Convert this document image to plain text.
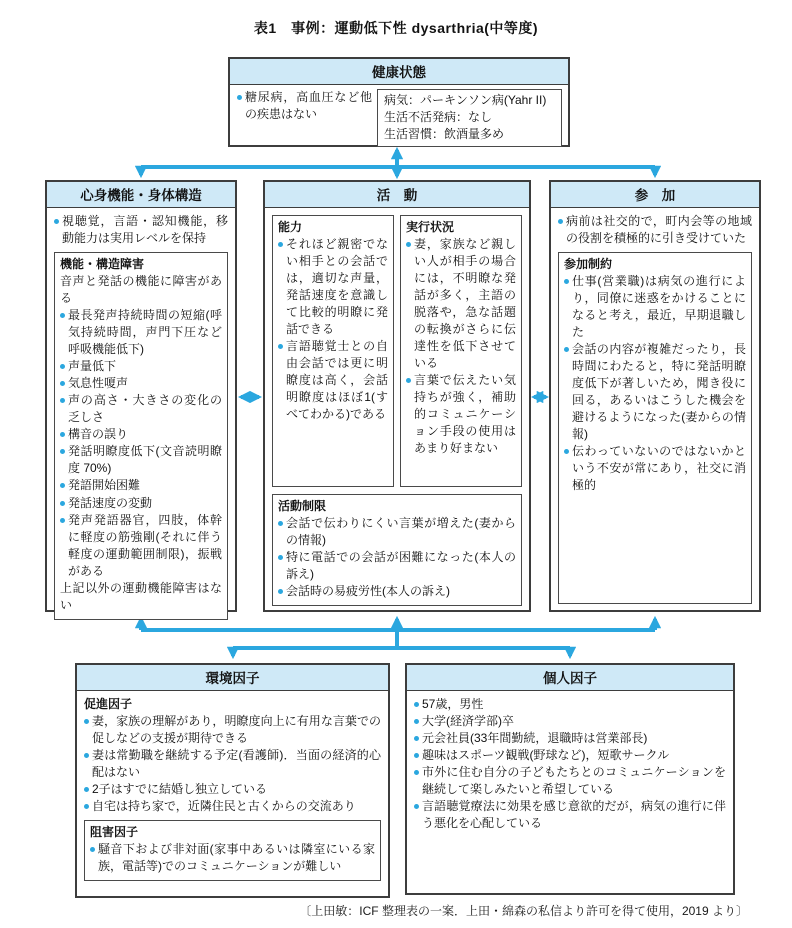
表1　事例：運動低下性 dysarthria(中等度)
健康状態
糖尿病，高血圧など他の疾患はない
病気：パーキンソン病(Yahr II)
生活不活発病：なし
生活習慣：飲酒量多め
心身機能・身体構造
視聴覚，言語・認知機能，移動能力は実用レベルを保持
機能・構造障害

音声と発話の機能に障害がある

最長発声持続時間の短縮(呼気持続時間，声門下圧など呼吸機能低下)
声量低下
気息性嗄声
声の高さ・大きさの変化の乏しさ
構音の誤り
発話明瞭度低下(文音読明瞭度 70%)
発語開始困難
発話速度の変動
発声発語器官，四肢，体幹に軽度の筋強剛(それに伴う軽度の運動範囲制限)，振戦がある

上記以外の運動機能障害はない

活　動
能力
それほど親密でない相手との会話では，適切な声量，発話速度を意識して比較的明瞭に発話できる
言語聴覚士との自由会話では更に明瞭度は高く，会話明瞭度はほぼ1(すべてわかる)である
実行状況
妻，家族など親しい人が相手の場合には，不明瞭な発話が多く，主語の脱落や，急な話題の転換がさらに伝達性を低下させている
言葉で伝えたい気持ちが強く，補助的コミュニケーション手段の使用はあまり好まない
活動制限
会話で伝わりにくい言葉が増えた(妻からの情報)
特に電話での会話が困難になった(本人の訴え)
会話時の易疲労性(本人の訴え)
参　加
病前は社交的で，町内会等の地域の役割を積極的に引き受けていた
参加制約
仕事(営業職)は病気の進行により，同僚に迷惑をかけることになると考え，最近，早期退職した
会話の内容が複雑だったり，長時間にわたると，特に発話明瞭度低下が著しいため，聞き役に回る，あるいはこうした機会を避けるようになった(妻からの情報)
伝わっていないのではないかという不安が常にあり，社交に消極的
環境因子
促進因子
妻，家族の理解があり，明瞭度向上に有用な言葉での促しなどの支援が期待できる
妻は常勤職を継続する予定(看護師)．当面の経済的心配はない
2子はすでに結婚し独立している
自宅は持ち家で，近隣住民と古くからの交流あり
阻害因子
騒音下および非対面(家事中あるいは隣室にいる家族，電話等)でのコミュニケーションが難しい
個人因子
57歳，男性
大学(経済学部)卒
元会社員(33年間勤続，退職時は営業部長)
趣味はスポーツ観戦(野球など)，短歌サークル
市外に住む自分の子どもたちとのコミュニケーションを継続して楽しみたいと希望している
言語聴覚療法に効果を感じ意欲的だが，病気の進行に伴う悪化を心配している
〔上田敏：ICF 整理表の一案．上田・綿森の私信より許可を得て使用，2019 より〕
